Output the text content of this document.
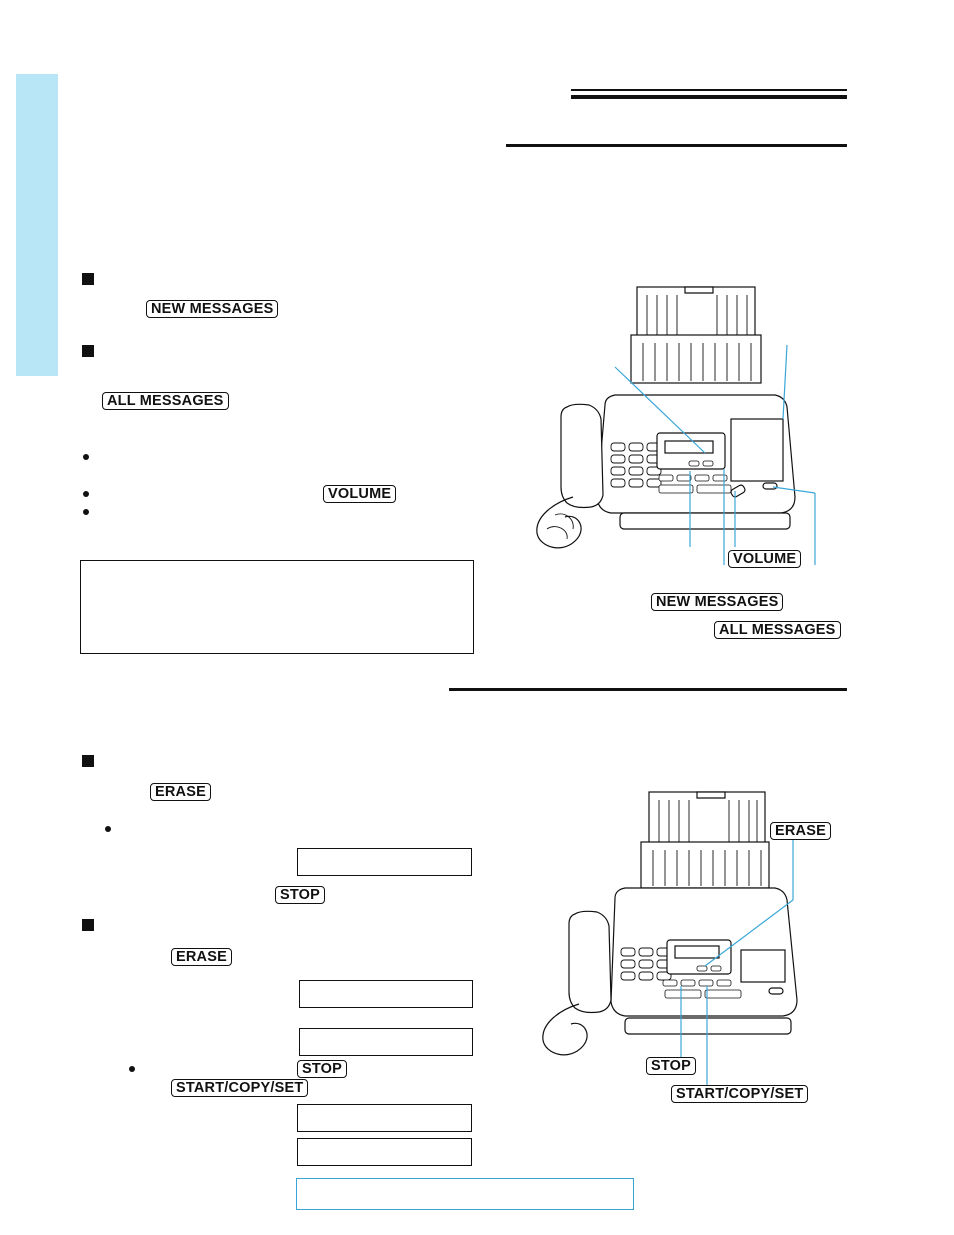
NEW MESSAGES
ALL MESSAGES
VOLUME
VOLUME
NEW MESSAGES
ALL MESSAGES
ERASE
STOP
ERASE
STOP
START/COPY/SET
ERASE
STOP
START/COPY/SET
